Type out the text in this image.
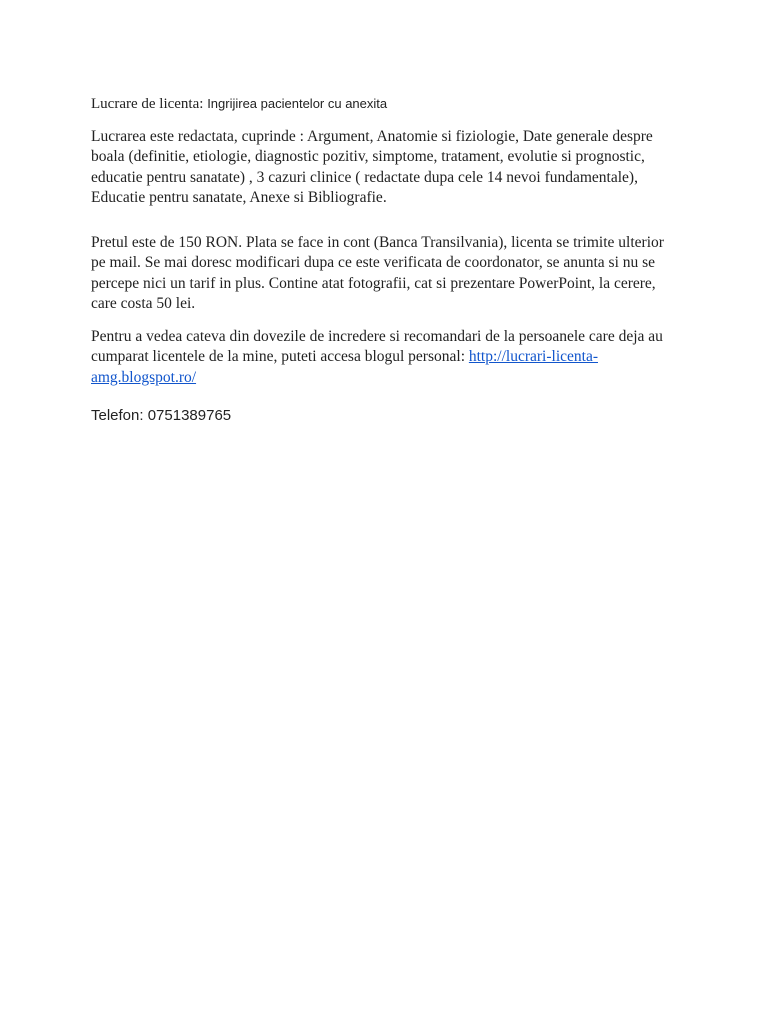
Lucrare de licenta: Ingrijirea pacientelor cu anexita

Lucrarea este redactata, cuprinde : Argument, Anatomie si fiziologie, Date generale despre boala (definitie, etiologie, diagnostic pozitiv, simptome, tratament, evolutie si prognostic, educatie pentru sanatate) , 3 cazuri clinice ( redactate dupa cele 14 nevoi fundamentale), Educatie pentru sanatate, Anexe si Bibliografie.

Pretul este de 150 RON. Plata se face in cont (Banca Transilvania), licenta se trimite ulterior pe mail. Se mai doresc modificari dupa ce este verificata de coordonator, se anunta si nu se percepe nici un tarif in plus. Contine atat fotografii, cat si prezentare PowerPoint, la cerere, care costa 50 lei.

Pentru a vedea cateva din dovezile de incredere si recomandari de la persoanele care deja au cumparat licentele de la mine, puteti accesa blogul personal: http://lucrari-licenta-amg.blogspot.ro/

Telefon: 0751389765
